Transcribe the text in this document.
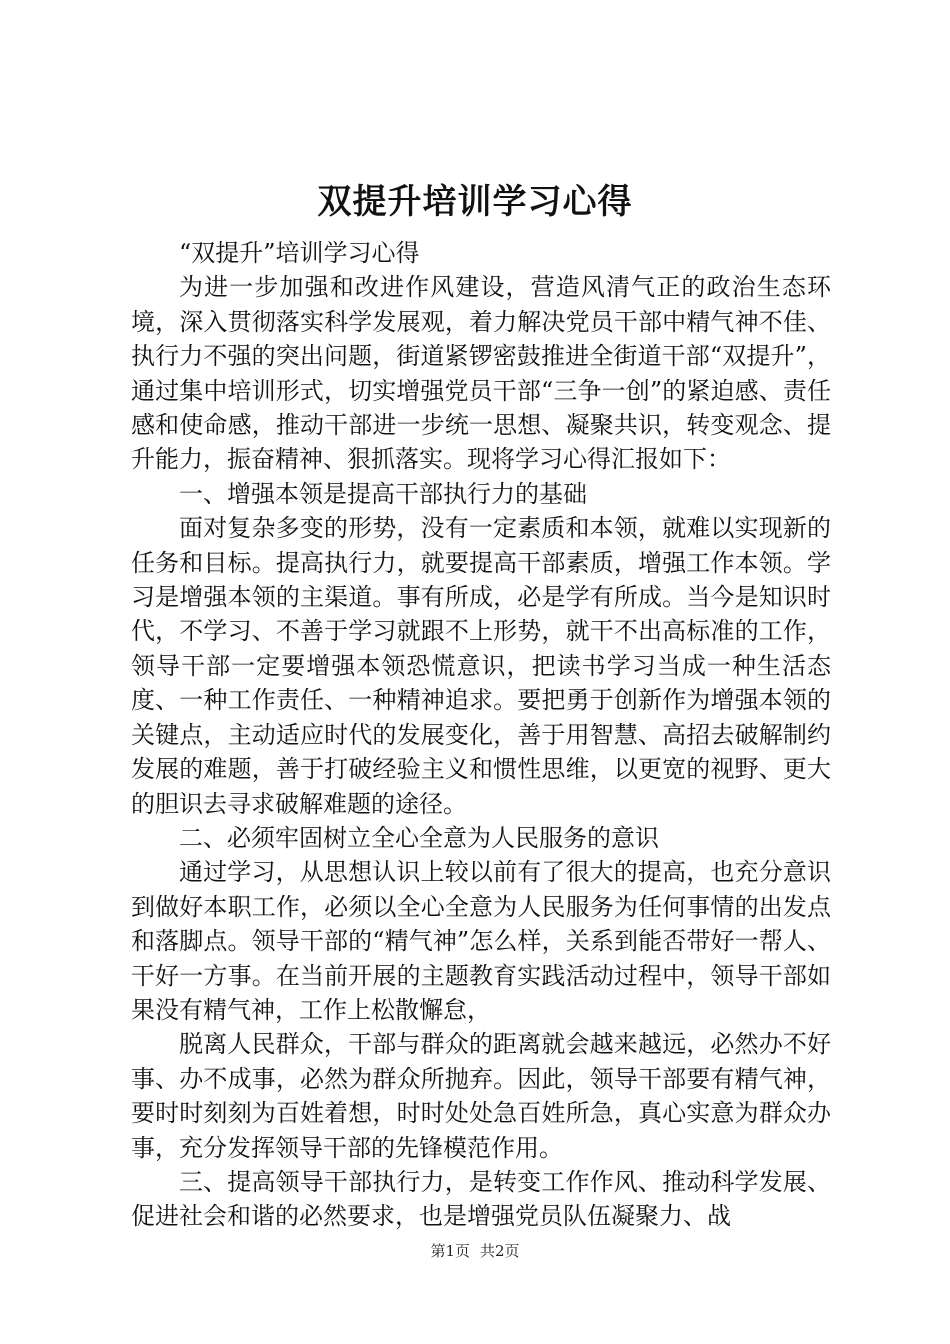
双提升培训学习心得

“双提升”培训学习心得

为进一步加强和改进作风建设，营造风清气正的政治生态环境，深入贯彻落实科学发展观，着力解决党员干部中精气神不佳、执行力不强的突出问题，街道紧锣密鼓推进全街道干部“双提升”，通过集中培训形式，切实增强党员干部“三争一创”的紧迫感、责任感和使命感，推动干部进一步统一思想、凝聚共识，转变观念、提升能力，振奋精神、狠抓落实。现将学习心得汇报如下：

一、增强本领是提高干部执行力的基础

面对复杂多变的形势，没有一定素质和本领，就难以实现新的任务和目标。提高执行力，就要提高干部素质，增强工作本领。学习是增强本领的主渠道。事有所成，必是学有所成。当今是知识时代，不学习、不善于学习就跟不上形势，就干不出高标准的工作，领导干部一定要增强本领恐慌意识，把读书学习当成一种生活态度、一种工作责任、一种精神追求。要把勇于创新作为增强本领的关键点，主动适应时代的发展变化，善于用智慧、高招去破解制约发展的难题，善于打破经验主义和惯性思维，以更宽的视野、更大的胆识去寻求破解难题的途径。

二、必须牢固树立全心全意为人民服务的意识

通过学习，从思想认识上较以前有了很大的提高，也充分意识到做好本职工作，必须以全心全意为人民服务为任何事情的出发点和落脚点。领导干部的“精气神”怎么样，关系到能否带好一帮人、干好一方事。在当前开展的主题教育实践活动过程中，领导干部如果没有精气神，工作上松散懈怠，

脱离人民群众，干部与群众的距离就会越来越远，必然办不好事、办不成事，必然为群众所抛弃。因此，领导干部要有精气神，要时时刻刻为百姓着想，时时处处急百姓所急，真心实意为群众办事，充分发挥领导干部的先锋模范作用。

三、提高领导干部执行力，是转变工作作风、推动科学发展、促进社会和谐的必然要求，也是增强党员队伍凝聚力、战

第1页 共2页
